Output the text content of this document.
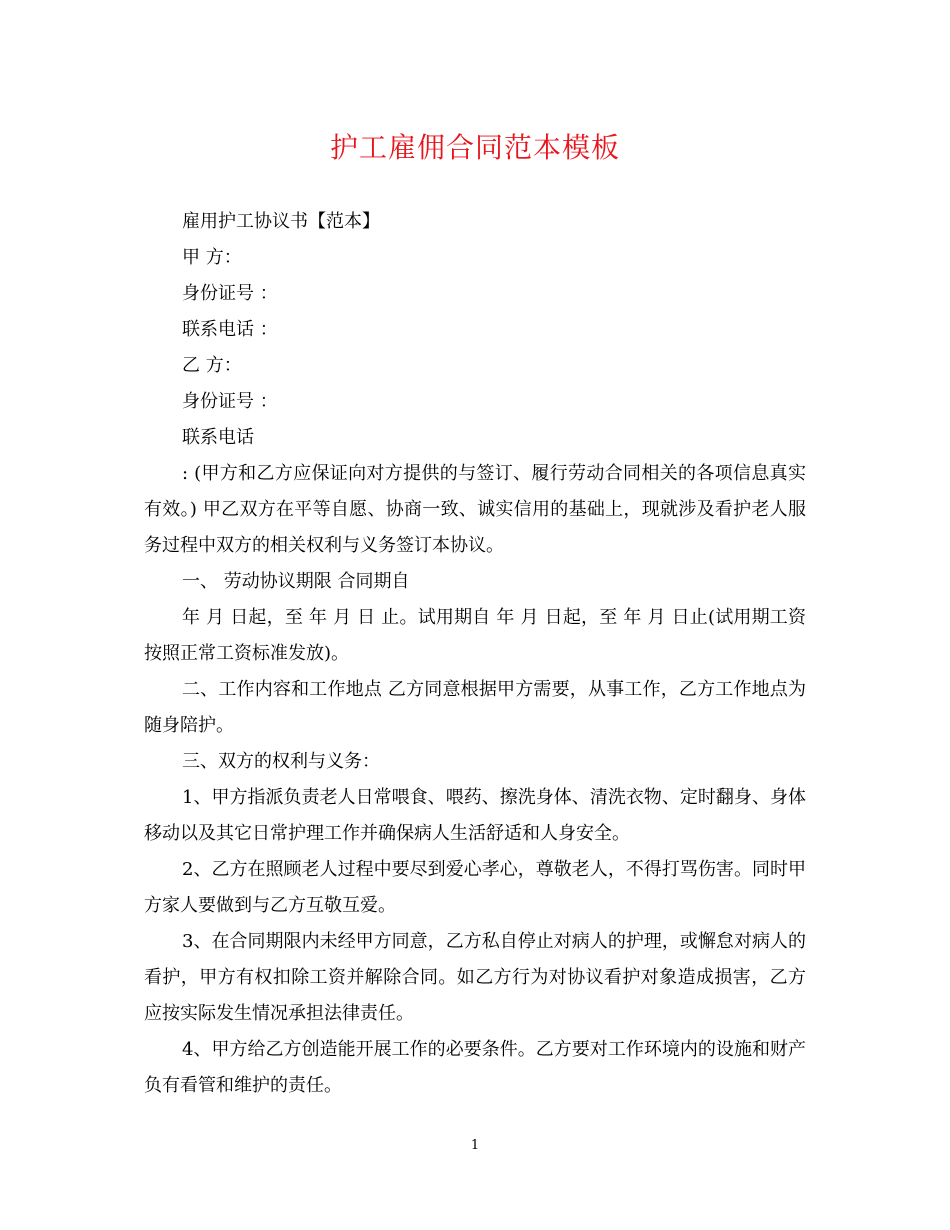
护工雇佣合同范本模板

雇用护工协议书【范本】

甲 方：

身份证号 ：

联系电话 ：

乙 方：

身份证号 ：

联系电话

: (甲方和乙方应保证向对方提供的与签订、履行劳动合同相关的各项信息真实有效。) 甲乙双方在平等自愿、协商一致、诚实信用的基础上，现就涉及看护老人服务过程中双方的相关权利与义务签订本协议。

一、 劳动协议期限 合同期自

年 月 日起，至 年 月 日 止。试用期自 年 月 日起，至 年 月 日止(试用期工资按照正常工资标准发放)。

二、工作内容和工作地点 乙方同意根据甲方需要，从事工作，乙方工作地点为随身陪护。

三、双方的权利与义务：

1、甲方指派负责老人日常喂食、喂药、擦洗身体、清洗衣物、定时翻身、身体移动以及其它日常护理工作并确保病人生活舒适和人身安全。

2、乙方在照顾老人过程中要尽到爱心孝心，尊敬老人，不得打骂伤害。同时甲方家人要做到与乙方互敬互爱。

3、在合同期限内未经甲方同意，乙方私自停止对病人的护理，或懈怠对病人的看护，甲方有权扣除工资并解除合同。如乙方行为对协议看护对象造成损害，乙方应按实际发生情况承担法律责任。

4、甲方给乙方创造能开展工作的必要条件。乙方要对工作环境内的设施和财产负有看管和维护的责任。

1
